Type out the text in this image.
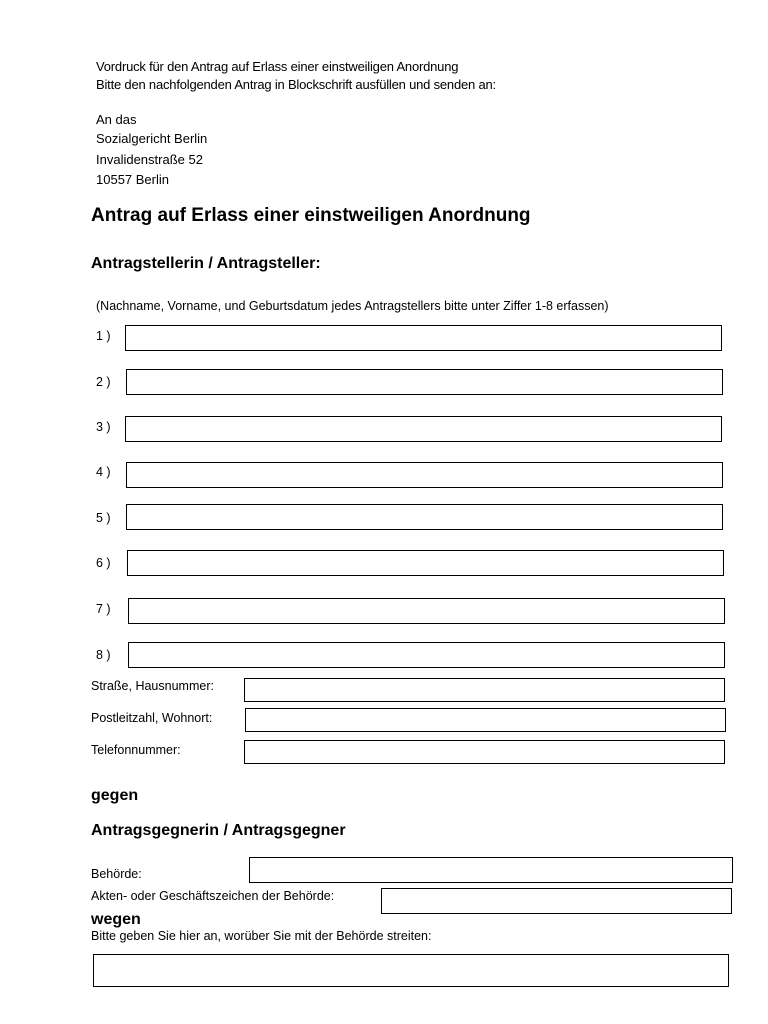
Vordruck für den Antrag auf Erlass einer einstweiligen Anordnung
Bitte den nachfolgenden Antrag in Blockschrift ausfüllen und senden an:
An das
Sozialgericht Berlin
Invalidenstraße 52
10557 Berlin
Antrag auf Erlass einer einstweiligen Anordnung
Antragstellerin / Antragsteller:
(Nachname, Vorname, und Geburtsdatum jedes Antragstellers bitte unter Ziffer 1-8 erfassen)
1 )
2 )
3 )
4 )
5 )
6 )
7 )
8 )
Straße, Hausnummer:
Postleitzahl, Wohnort:
Telefonnummer:
gegen
Antragsgegnerin / Antragsgegner
Behörde:
Akten- oder Geschäftszeichen der Behörde:
wegen
Bitte geben Sie hier an, worüber Sie mit der Behörde streiten:
